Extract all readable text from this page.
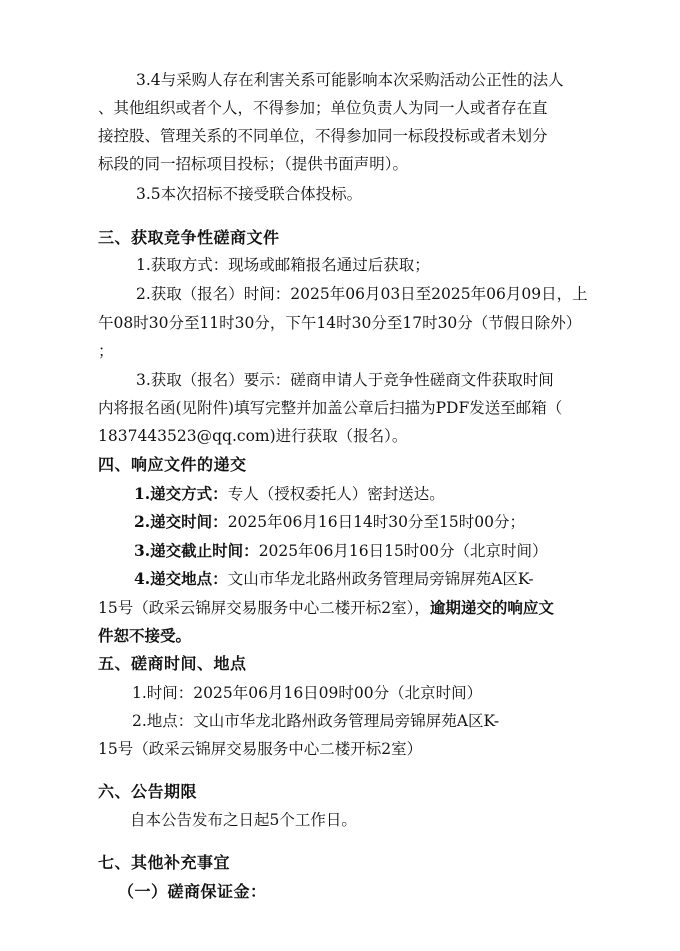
3.4与采购人存在利害关系可能影响本次采购活动公正性的法人
、其他组织或者个人，不得参加；单位负责人为同一人或者存在直
接控股、管理关系的不同单位，不得参加同一标段投标或者未划分
标段的同一招标项目投标；（提供书面声明）。
3.5本次招标不接受联合体投标。
三、获取竞争性磋商文件
1.获取方式：现场或邮箱报名通过后获取；
2.获取（报名）时间：2025年06月03日至2025年06月09日，上
午08时30分至11时30分，下午14时30分至17时30分（节假日除外）
；
3.获取（报名）要示：磋商申请人于竞争性磋商文件获取时间
内将报名函(见附件)填写完整并加盖公章后扫描为PDF发送至邮箱（
1837443523@qq.com)进行获取（报名）。
四、响应文件的递交
1.递交方式：专人（授权委托人）密封送达。
2.递交时间：2025年06月16日14时30分至15时00分；
3.递交截止时间：2025年06月16日15时00分（北京时间）
4.递交地点：文山市华龙北路州政务管理局旁锦屏苑A区K-
15号（政采云锦屏交易服务中心二楼开标2室），逾期递交的响应文
件恕不接受。
五、磋商时间、地点
1.时间：2025年06月16日09时00分（北京时间）
2.地点：文山市华龙北路州政务管理局旁锦屏苑A区K-
15号（政采云锦屏交易服务中心二楼开标2室）
六、公告期限
自本公告发布之日起5个工作日。
七、其他补充事宜
（一）磋商保证金：
